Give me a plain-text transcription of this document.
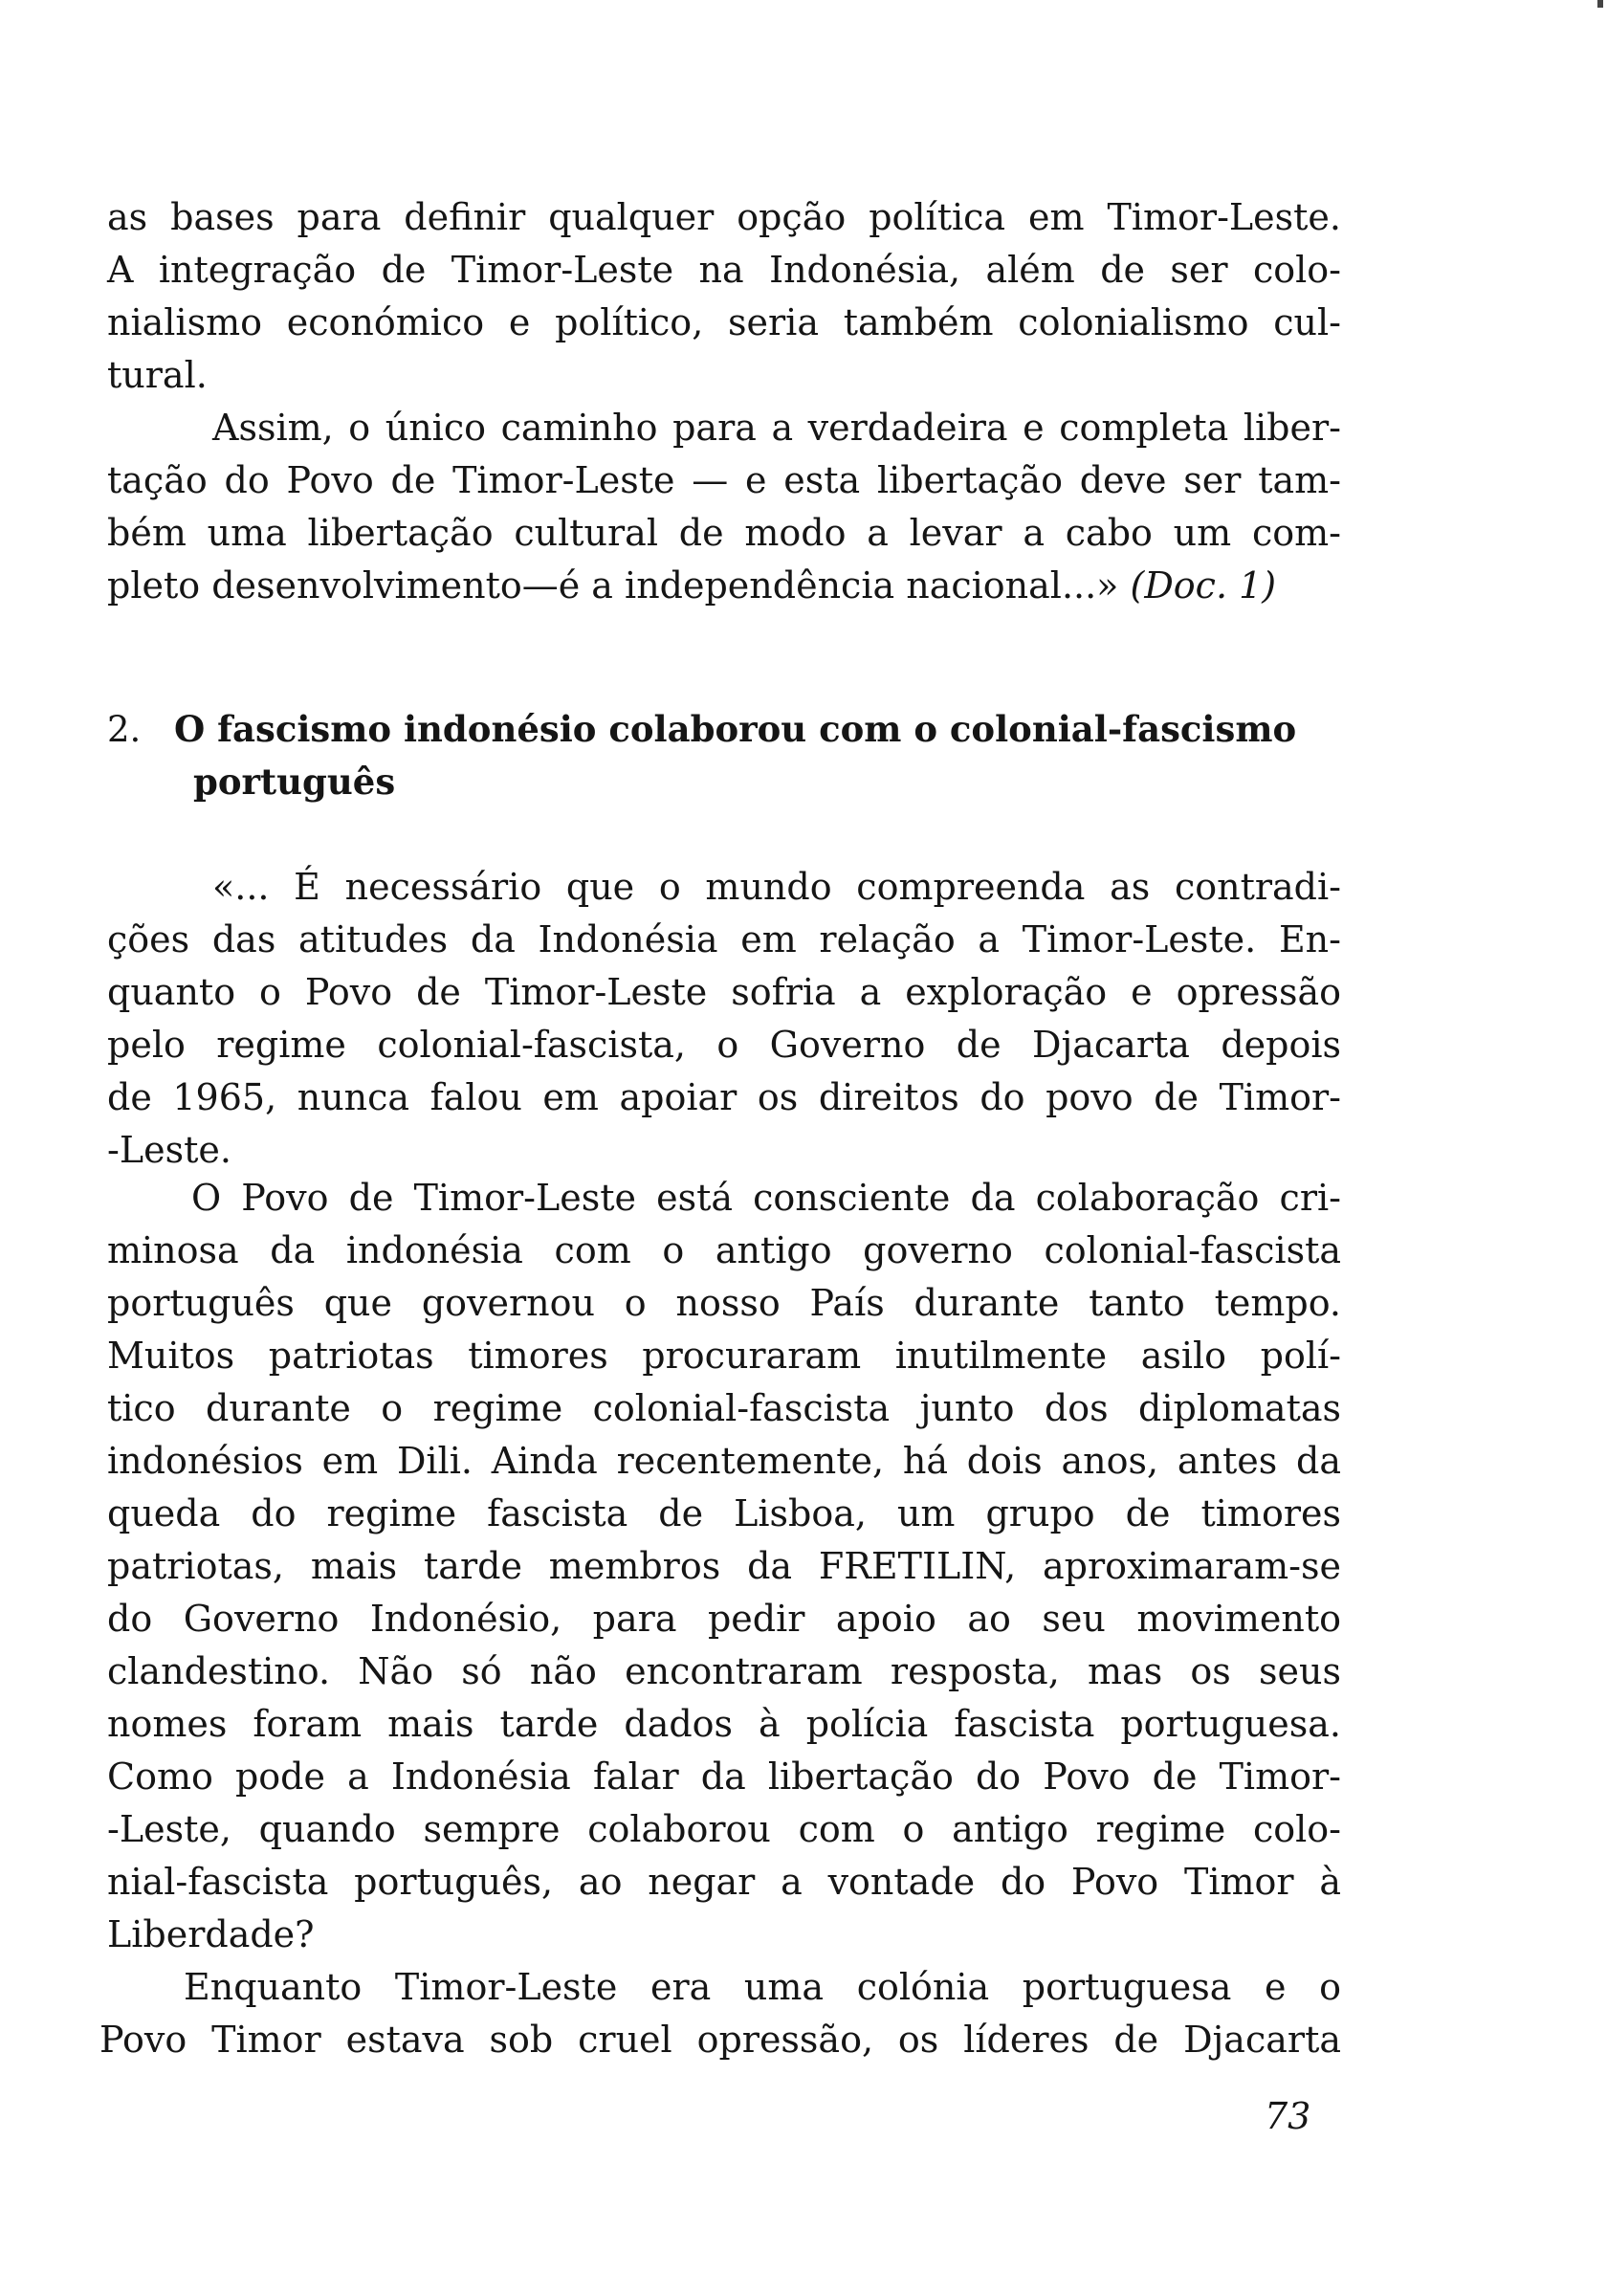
as bases para definir qualquer opção política em Timor-Leste.
A integração de Timor-Leste na Indonésia, além de ser colo-
nialismo económico e político, seria também colonialismo cul-
tural.
Assim, o único caminho para a verdadeira e completa liber-
tação do Povo de Timor-Leste — e esta libertação deve ser tam-
bém uma libertação cultural de modo a levar a cabo um com-
pleto desenvolvimento—é a independência nacional...» (Doc. 1)
2. O fascismo indonésio colaborou com o colonial-fascismo
português
«... É necessário que o mundo compreenda as contradi-
ções das atitudes da Indonésia em relação a Timor-Leste. En-
quanto o Povo de Timor-Leste sofria a exploração e opressão
pelo regime colonial-fascista, o Governo de Djacarta depois
de 1965, nunca falou em apoiar os direitos do povo de Timor-
-Leste.
O Povo de Timor-Leste está consciente da colaboração cri-
minosa da indonésia com o antigo governo colonial-fascista
português que governou o nosso País durante tanto tempo.
Muitos patriotas timores procuraram inutilmente asilo polí-
tico durante o regime colonial-fascista junto dos diplomatas
indonésios em Dili. Ainda recentemente, há dois anos, antes da
queda do regime fascista de Lisboa, um grupo de timores
patriotas, mais tarde membros da FRETILIN, aproximaram-se
do Governo Indonésio, para pedir apoio ao seu movimento
clandestino. Não só não encontraram resposta, mas os seus
nomes foram mais tarde dados à polícia fascista portuguesa.
Como pode a Indonésia falar da libertação do Povo de Timor-
-Leste, quando sempre colaborou com o antigo regime colo-
nial-fascista português, ao negar a vontade do Povo Timor à
Liberdade?
Enquanto Timor-Leste era uma colónia portuguesa e o
Povo Timor estava sob cruel opressão, os líderes de Djacarta
73
